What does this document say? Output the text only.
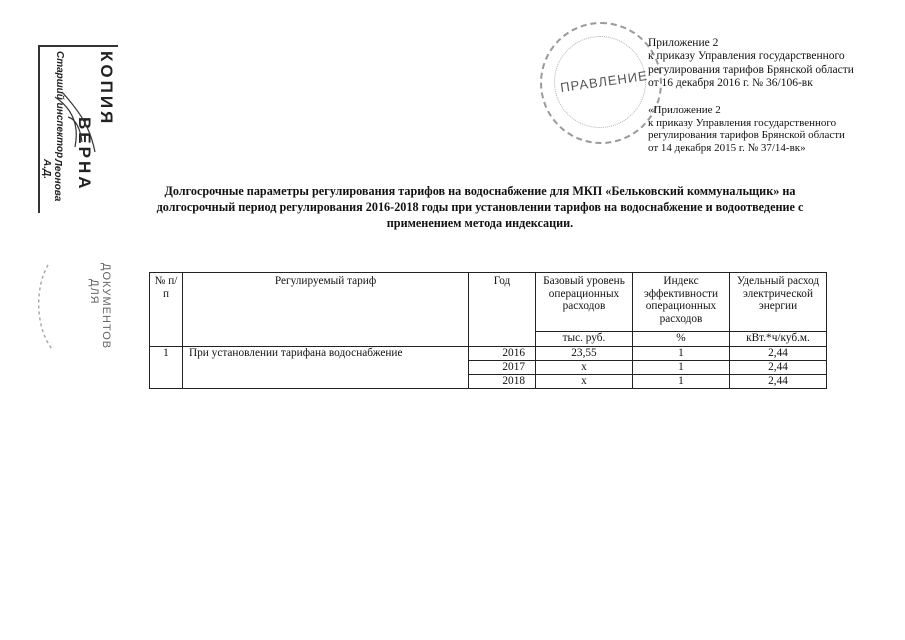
ПРАВЛЕНИЕ
КОПИЯ
ВЕРНА
Старший инспектор
Леонова А.Д.
ДЛЯ ДОКУМЕНТОВ
Приложение 2
к приказу Управления государственного
регулирования тарифов Брянской области
от 16 декабря 2016 г. № 36/106-вк
«Приложение 2
к приказу Управления государственного
регулирования тарифов Брянской области
от 14 декабря 2015 г. № 37/14-вк»
Долгосрочные параметры регулирования тарифов на водоснабжение для МКП «Бельковский коммунальщик» на
долгосрочный период регулирования 2016-2018 годы при установлении тарифов на водоснабжение и водоотведение с
применением метода индексации.
№ п/п	Регулируемый тариф	Год	Базовый уровень операционных расходов	Индекс эффективности операционных расходов	Удельный расход электрической энергии
			тыс. руб.	%	кВт.*ч/куб.м.
1	При установлении тарифана водоснабжение	2016	23,55	1	2,44
		2017	х	1	2,44
		2018	х	1	2,44
